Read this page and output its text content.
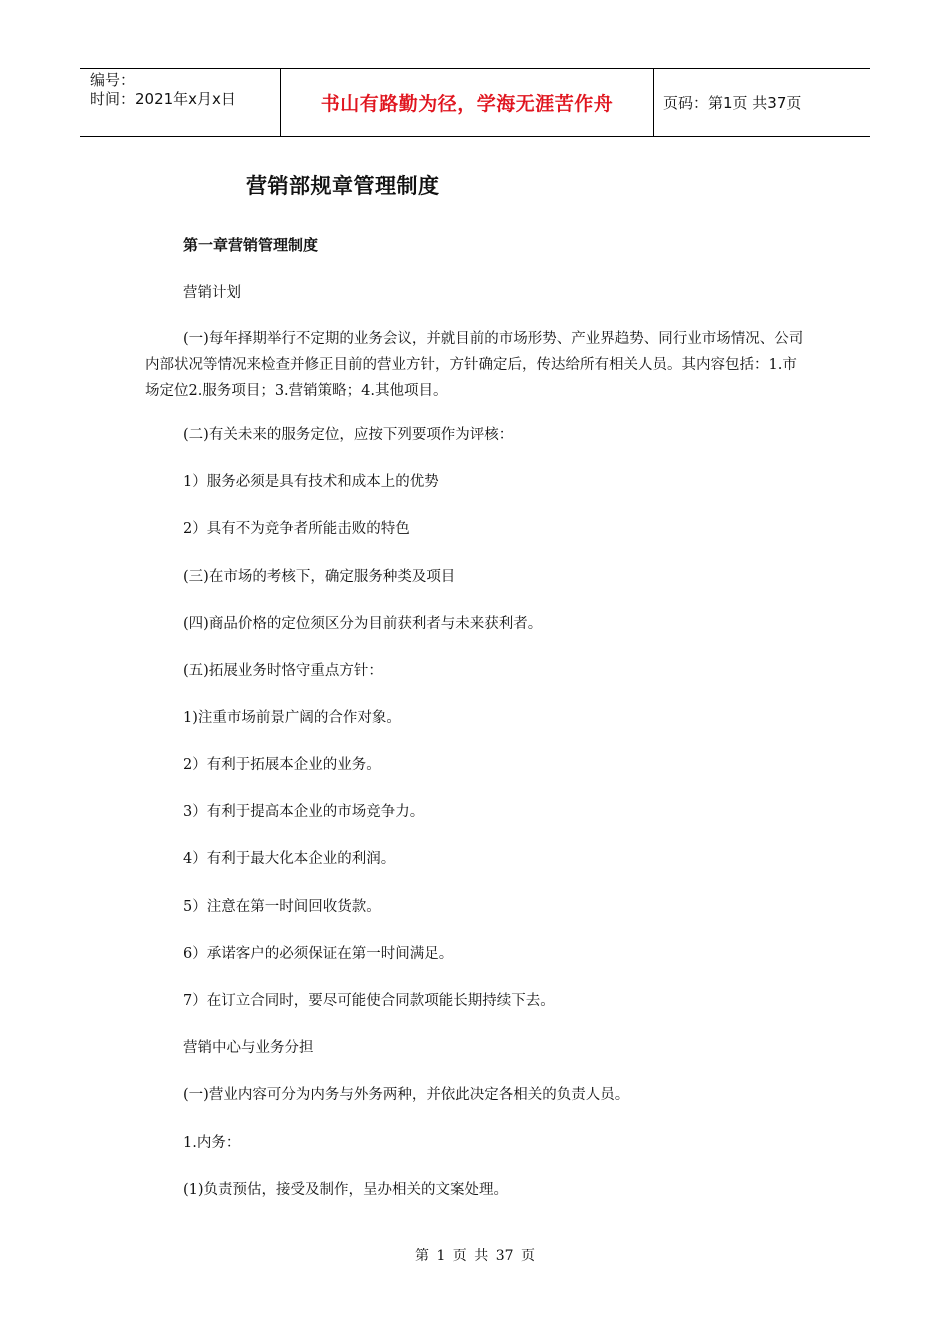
编号：
时间：2021年x月x日	书山有路勤为径，学海无涯苦作舟	页码：第1页 共37页
营销部规章管理制度
第一章营销管理制度
营销计划
(一)每年择期举行不定期的业务会议，并就目前的市场形势、产业界趋势、同行业市场情况、公司内部状况等情况来检查并修正目前的营业方针，方针确定后，传达给所有相关人员。其内容包括：1.市场定位2.服务项目；3.营销策略；4.其他项目。
(二)有关未来的服务定位，应按下列要项作为评核：
1）服务必须是具有技术和成本上的优势
2）具有不为竞争者所能击败的特色
(三)在市场的考核下，确定服务种类及项目
(四)商品价格的定位须区分为目前获利者与未来获利者。
(五)拓展业务时恪守重点方针：
1)注重市场前景广阔的合作对象。
2）有利于拓展本企业的业务。
3）有利于提高本企业的市场竞争力。
4）有利于最大化本企业的利润。
5）注意在第一时间回收货款。
6）承诺客户的必须保证在第一时间满足。
7）在订立合同时，要尽可能使合同款项能长期持续下去。
营销中心与业务分担
(一)营业内容可分为内务与外务两种，并依此决定各相关的负责人员。
1.内务：
(1)负责预估，接受及制作，呈办相关的文案处理。
第 1 页 共 37 页
